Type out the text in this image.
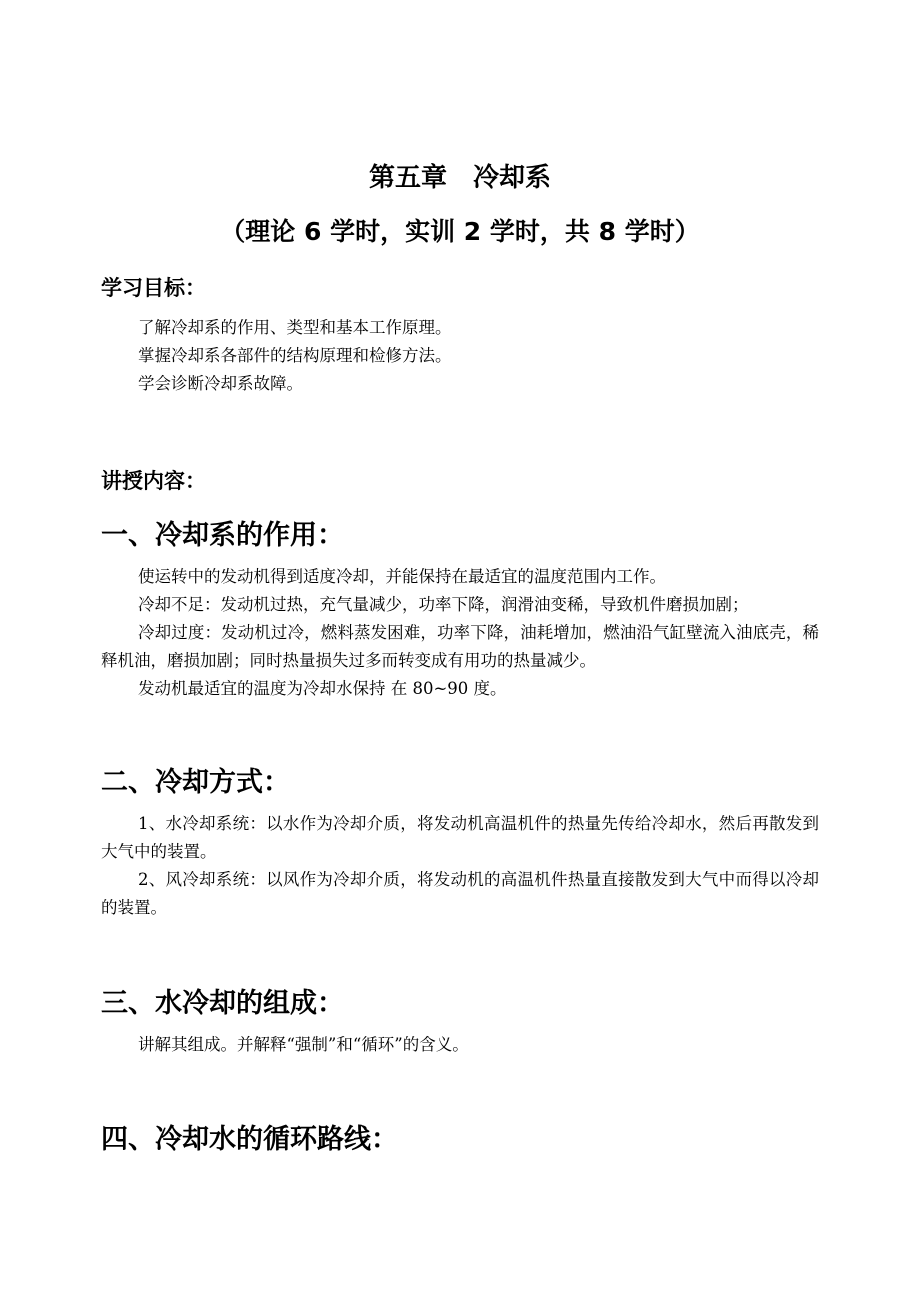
第五章　冷却系
（理论 6 学时，实训 2 学时，共 8 学时）
学习目标：

了解冷却系的作用、类型和基本工作原理。

掌握冷却系各部件的结构原理和检修方法。

学会诊断冷却系故障。

讲授内容：
一、冷却系的作用：

使运转中的发动机得到适度冷却，并能保持在最适宜的温度范围内工作。

冷却不足：发动机过热，充气量减少，功率下降，润滑油变稀，导致机件磨损加剧；

冷却过度：发动机过冷，燃料蒸发困难，功率下降，油耗增加，燃油沿气缸壁流入油底壳，稀释机油，磨损加剧；同时热量损失过多而转变成有用功的热量减少。

发动机最适宜的温度为冷却水保持 在 80~90 度。

二、冷却方式：

1、水冷却系统：以水作为冷却介质，将发动机高温机件的热量先传给冷却水，然后再散发到大气中的装置。

2、风冷却系统：以风作为冷却介质，将发动机的高温机件热量直接散发到大气中而得以冷却的装置。

三、水冷却的组成：

讲解其组成。并解释“强制”和“循环”的含义。

四、冷却水的循环路线：
